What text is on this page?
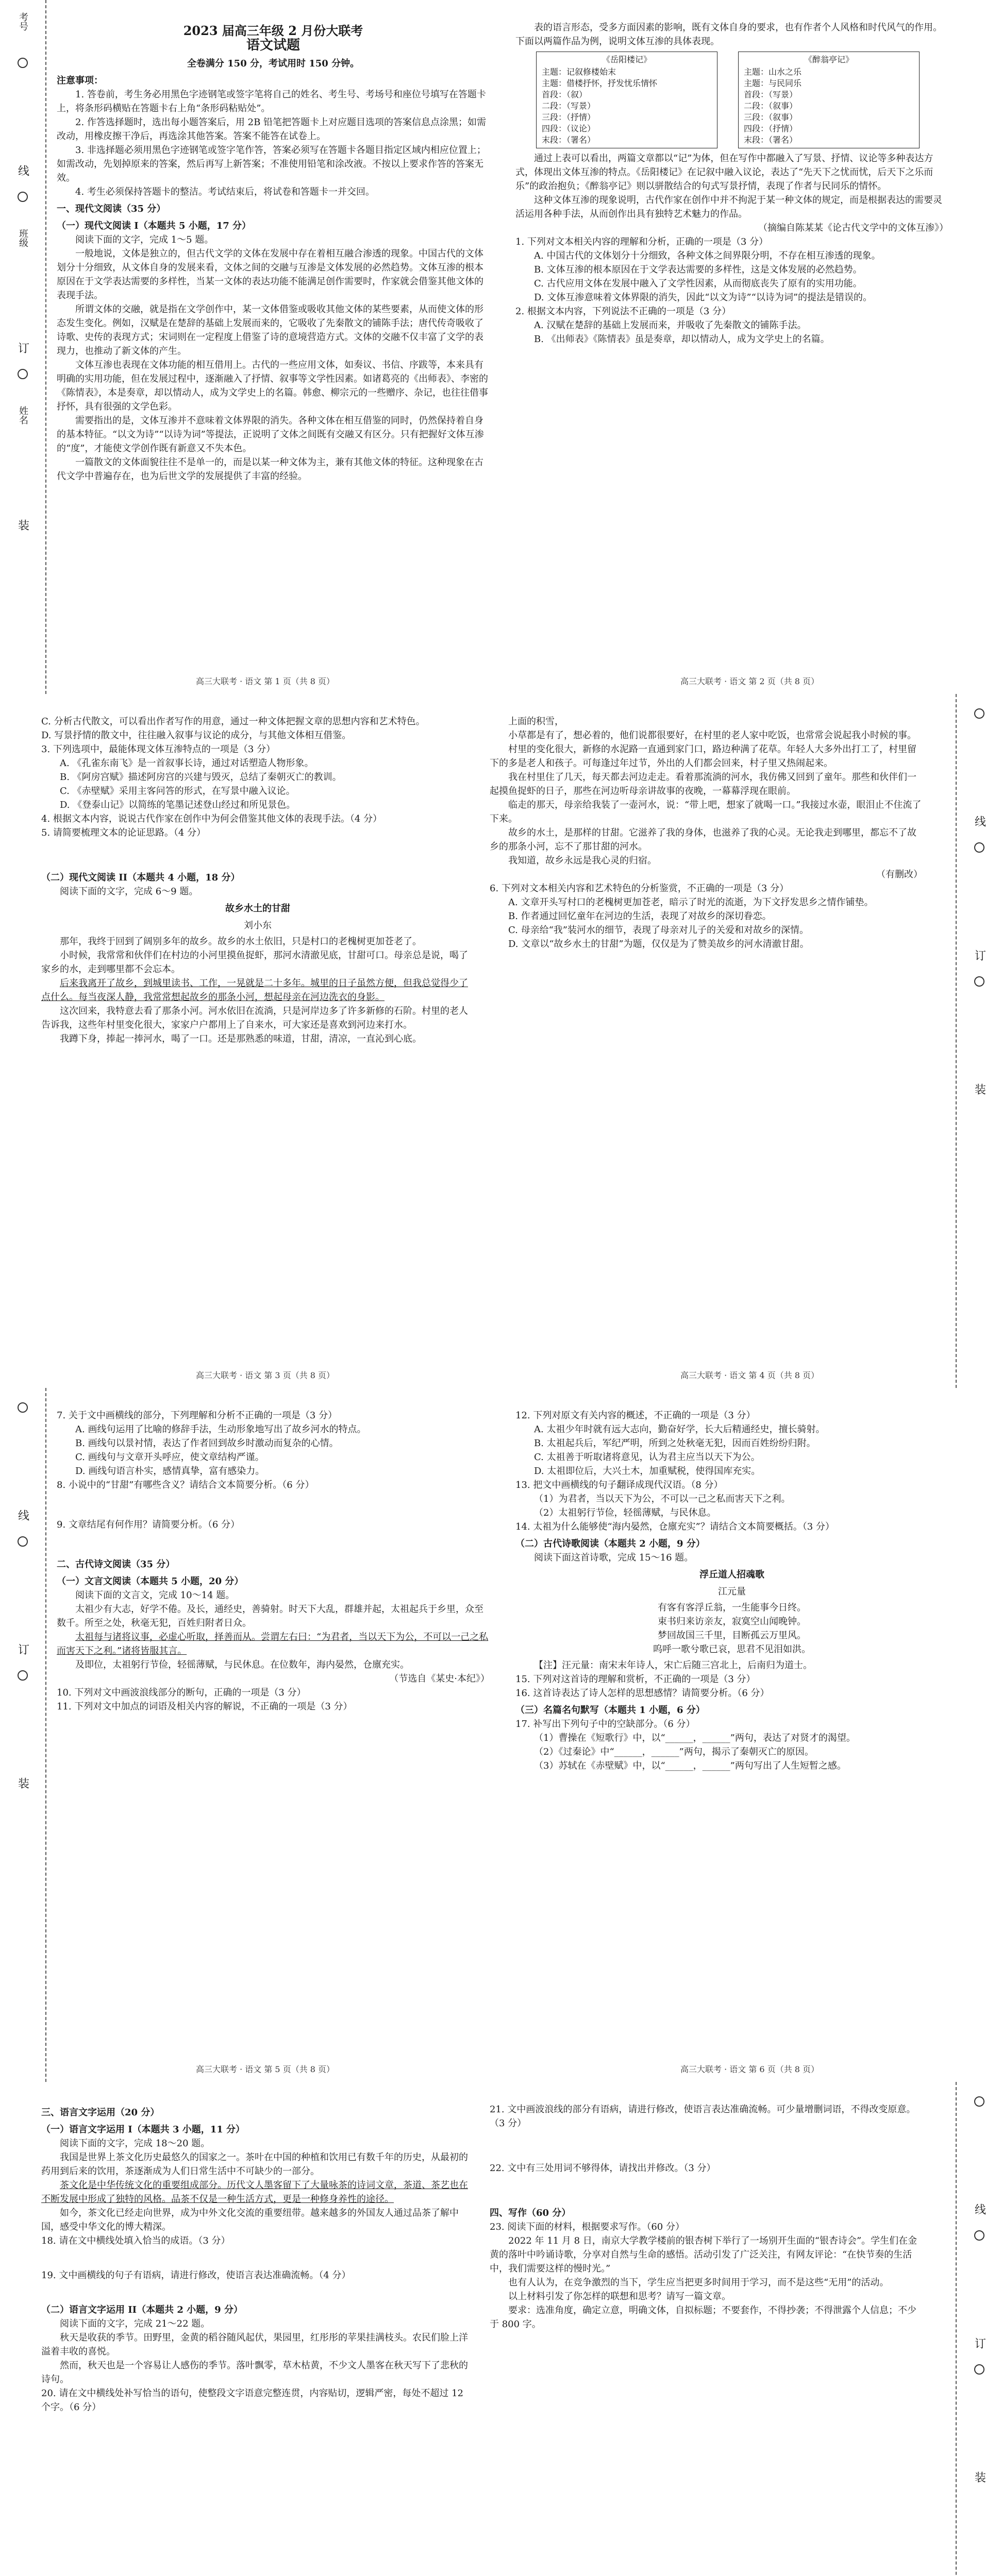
考号
线
班级
订
姓名
装
2023 届高三年级 2 月份大联考
语文试题
全卷满分 150 分，考试用时 150 分钟。
注意事项：

1. 答卷前，考生务必用黑色字迹钢笔或签字笔将自己的姓名、考生号、考场号和座位号填写在答题卡上，将条形码横贴在答题卡右上角“条形码粘贴处”。

2. 作答选择题时，选出每小题答案后，用 2B 铅笔把答题卡上对应题目选项的答案信息点涂黑；如需改动，用橡皮擦干净后，再选涂其他答案。答案不能答在试卷上。

3. 非选择题必须用黑色字迹钢笔或签字笔作答，答案必须写在答题卡各题目指定区域内相应位置上；如需改动，先划掉原来的答案，然后再写上新答案；不准使用铅笔和涂改液。不按以上要求作答的答案无效。

4. 考生必须保持答题卡的整洁。考试结束后，将试卷和答题卡一并交回。

一、现代文阅读（35 分）
（一）现代文阅读 I（本题共 5 小题，17 分）

阅读下面的文字，完成 1～5 题。

一般地说，文体是独立的，但古代文学的文体在发展中存在着相互融合渗透的现象。中国古代的文体划分十分细致，从文体自身的发展来看，文体之间的交融与互渗是文体发展的必然趋势。文体互渗的根本原因在于文学表达需要的多样性，当某一文体的表达功能不能满足创作需要时，作家就会借鉴其他文体的表现手法。

所谓文体的交融，就是指在文学创作中，某一文体借鉴或吸收其他文体的某些要素，从而使文体的形态发生变化。例如，汉赋是在楚辞的基础上发展而来的，它吸收了先秦散文的铺陈手法；唐代传奇吸收了诗歌、史传的表现方式；宋词则在一定程度上借鉴了诗的意境营造方式。文体的交融不仅丰富了文学的表现力，也推动了新文体的产生。

文体互渗也表现在文体功能的相互借用上。古代的一些应用文体，如奏议、书信、序跋等，本来具有明确的实用功能，但在发展过程中，逐渐融入了抒情、叙事等文学性因素。如诸葛亮的《出师表》、李密的《陈情表》，本是奏章，却以情动人，成为文学史上的名篇。韩愈、柳宗元的一些赠序、杂记，也往往借事抒怀，具有很强的文学色彩。

需要指出的是，文体互渗并不意味着文体界限的消失。各种文体在相互借鉴的同时，仍然保持着自身的基本特征。“以文为诗”“以诗为词”等提法，正说明了文体之间既有交融又有区分。只有把握好文体互渗的“度”，才能使文学创作既有新意又不失本色。

一篇散文的文体面貌往往不是单一的，而是以某一种文体为主，兼有其他文体的特征。这种现象在古代文学中普遍存在，也为后世文学的发展提供了丰富的经验。

表的语言形态，受多方面因素的影响，既有文体自身的要求，也有作者个人风格和时代风气的作用。下面以两篇作品为例，说明文体互渗的具体表现。

《岳阳楼记》
主题：记叙修楼始末
主题：借楼抒怀，抒发忧乐情怀
首段：（叙）
二段：（写景）
三段：（抒情）
四段：（议论）
末段：（署名）
《醉翁亭记》
主题：山水之乐
主题：与民同乐
首段：（写景）
二段：（叙事）
三段：（叙事）
四段：（抒情）
末段：（署名）

通过上表可以看出，两篇文章都以“记”为体，但在写作中都融入了写景、抒情、议论等多种表达方式，体现出文体互渗的特点。《岳阳楼记》在记叙中融入议论，表达了“先天下之忧而忧，后天下之乐而乐”的政治抱负；《醉翁亭记》则以骈散结合的句式写景抒情，表现了作者与民同乐的情怀。

这种文体互渗的现象说明，古代作家在创作中并不拘泥于某一种文体的规定，而是根据表达的需要灵活运用各种手法，从而创作出具有独特艺术魅力的作品。

（摘编自陈某某《论古代文学中的文体互渗》）

1. 下列对文本相关内容的理解和分析，正确的一项是（3 分）

A. 中国古代的文体划分十分细致，各种文体之间界限分明，不存在相互渗透的现象。

B. 文体互渗的根本原因在于文学表达需要的多样性，这是文体发展的必然趋势。

C. 古代应用文体在发展中融入了文学性因素，从而彻底丧失了原有的实用功能。

D. 文体互渗意味着文体界限的消失，因此“以文为诗”“以诗为词”的提法是错误的。

2. 根据文本内容，下列说法不正确的一项是（3 分）

A. 汉赋在楚辞的基础上发展而来，并吸收了先秦散文的铺陈手法。

B. 《出师表》《陈情表》虽是奏章，却以情动人，成为文学史上的名篇。

高三大联考 · 语文 第 1 页（共 8 页）	高三大联考 · 语文 第 2 页（共 8 页）
线
订
装

C. 分析古代散文，可以看出作者写作的用意，通过一种文体把握文章的思想内容和艺术特色。

D. 写景抒情的散文中，往往融入叙事与议论的成分，与其他文体相互借鉴。

3. 下列选项中，最能体现文体互渗特点的一项是（3 分）

A. 《孔雀东南飞》是一首叙事长诗，通过对话塑造人物形象。

B. 《阿房宫赋》描述阿房宫的兴建与毁灭，总结了秦朝灭亡的教训。

C. 《赤壁赋》采用主客问答的形式，在写景中融入议论。

D. 《登泰山记》以简练的笔墨记述登山经过和所见景色。

4. 根据文本内容，说说古代作家在创作中为何会借鉴其他文体的表现手法。（4 分）

5. 请简要梳理文本的论证思路。（4 分）

（二）现代文阅读 II（本题共 4 小题，18 分）

阅读下面的文字，完成 6～9 题。

故乡水土的甘甜
刘小东

那年，我终于回到了阔别多年的故乡。故乡的水土依旧，只是村口的老槐树更加苍老了。

小时候，我常常和伙伴们在村边的小河里摸鱼捉虾，那河水清澈见底，甘甜可口。母亲总是说，喝了家乡的水，走到哪里都不会忘本。

后来我离开了故乡，到城里读书、工作，一晃就是二十多年。城里的日子虽然方便，但我总觉得少了点什么。每当夜深人静，我常常想起故乡的那条小河，想起母亲在河边洗衣的身影。

这次回来，我特意去看了那条小河。河水依旧在流淌，只是河岸边多了许多新修的石阶。村里的老人告诉我，这些年村里变化很大，家家户户都用上了自来水，可大家还是喜欢到河边来打水。

我蹲下身，捧起一捧河水，喝了一口。还是那熟悉的味道，甘甜，清凉，一直沁到心底。

上面的积雪，

小草都是有了，想必着的，他们说都很要好，在村里的老人家中吃饭，也常常会说起我小时候的事。

村里的变化很大，新修的水泥路一直通到家门口，路边种满了花草。年轻人大多外出打工了，村里留下的多是老人和孩子。可每逢过年过节，外出的人们都会回来，村子里又热闹起来。

我在村里住了几天，每天都去河边走走。看着那流淌的河水，我仿佛又回到了童年。那些和伙伴们一起摸鱼捉虾的日子，那些在河边听母亲讲故事的夜晚，一幕幕浮现在眼前。

临走的那天，母亲给我装了一壶河水，说：“带上吧，想家了就喝一口。”我接过水壶，眼泪止不住流了下来。

故乡的水土，是那样的甘甜。它滋养了我的身体，也滋养了我的心灵。无论我走到哪里，都忘不了故乡的那条小河，忘不了那甘甜的河水。

我知道，故乡永远是我心灵的归宿。

（有删改）

6. 下列对文本相关内容和艺术特色的分析鉴赏，不正确的一项是（3 分）

A. 文章开头写村口的老槐树更加苍老，暗示了时光的流逝，为下文抒发思乡之情作铺垫。

B. 作者通过回忆童年在河边的生活，表现了对故乡的深切眷恋。

C. 母亲给“我”装河水的细节，表现了母亲对儿子的关爱和对故乡的深情。

D. 文章以“故乡水土的甘甜”为题，仅仅是为了赞美故乡的河水清澈甘甜。

高三大联考 · 语文 第 3 页（共 8 页）	高三大联考 · 语文 第 4 页（共 8 页）
线
订
装

7. 关于文中画横线的部分，下列理解和分析不正确的一项是（3 分）

A. 画线句运用了比喻的修辞手法，生动形象地写出了故乡河水的特点。

B. 画线句以景衬情，表达了作者回到故乡时激动而复杂的心情。

C. 画线句与文章开头呼应，使文章结构严谨。

D. 画线句语言朴实，感情真挚，富有感染力。

8. 小说中的“甘甜”有哪些含义？请结合文本简要分析。（6 分）

9. 文章结尾有何作用？请简要分析。（6 分）

二、古代诗文阅读（35 分）
（一）文言文阅读（本题共 5 小题，20 分）

阅读下面的文言文，完成 10～14 题。

太祖少有大志，好学不倦。及长，通经史，善骑射。时天下大乱，群雄并起，太祖起兵于乡里，众至数千。所至之处，秋毫无犯，百姓归附者日众。

太祖每与诸将议事，必虚心听取，择善而从。尝谓左右曰：“为君者，当以天下为公，不可以一己之私而害天下之利。”诸将皆服其言。

及即位，太祖躬行节俭，轻徭薄赋，与民休息。在位数年，海内晏然，仓廪充实。

（节选自《某史·本纪》）

10. 下列对文中画波浪线部分的断句，正确的一项是（3 分）

11. 下列对文中加点的词语及相关内容的解说，不正确的一项是（3 分）

12. 下列对原文有关内容的概述，不正确的一项是（3 分）

A. 太祖少年时就有远大志向，勤奋好学，长大后精通经史，擅长骑射。

B. 太祖起兵后，军纪严明，所到之处秋毫无犯，因而百姓纷纷归附。

C. 太祖善于听取诸将意见，认为君主应当以天下为公。

D. 太祖即位后，大兴土木，加重赋税，使得国库充实。

13. 把文中画横线的句子翻译成现代汉语。（8 分）

（1）为君者，当以天下为公，不可以一己之私而害天下之利。

（2）太祖躬行节俭，轻徭薄赋，与民休息。

14. 太祖为什么能够使“海内晏然，仓廪充实”？请结合文本简要概括。（3 分）

（二）古代诗歌阅读（本题共 2 小题，9 分）

阅读下面这首诗歌，完成 15～16 题。

浮丘道人招魂歌
江元量
有客有客浮丘翁，一生能事今日终。
束书归来访亲友，寂寞空山闻晚钟。
梦回故国三千里，目断孤云万里风。
呜呼一歌兮歌已哀，思君不见泪如洪。

【注】汪元量：南宋末年诗人，宋亡后随三宫北上，后南归为道士。

15. 下列对这首诗的理解和赏析，不正确的一项是（3 分）

16. 这首诗表达了诗人怎样的思想感情？请简要分析。（6 分）

（三）名篇名句默写（本题共 1 小题，6 分）

17. 补写出下列句子中的空缺部分。（6 分）

（1）曹操在《短歌行》中，以“______，______”两句，表达了对贤才的渴望。

（2）《过秦论》中“______，______”两句，揭示了秦朝灭亡的原因。

（3）苏轼在《赤壁赋》中，以“______，______”两句写出了人生短暂之感。

高三大联考 · 语文 第 5 页（共 8 页）	高三大联考 · 语文 第 6 页（共 8 页）
线
订
装
三、语言文字运用（20 分）
（一）语言文字运用 I（本题共 3 小题，11 分）

阅读下面的文字，完成 18～20 题。

我国是世界上茶文化历史最悠久的国家之一。茶叶在中国的种植和饮用已有数千年的历史，从最初的药用到后来的饮用，茶逐渐成为人们日常生活中不可缺少的一部分。

茶文化是中华传统文化的重要组成部分。历代文人墨客留下了大量咏茶的诗词文章，茶道、茶艺也在不断发展中形成了独特的风格。品茶不仅是一种生活方式，更是一种修身养性的途径。

如今，茶文化已经走向世界，成为中外文化交流的重要纽带。越来越多的外国友人通过品茶了解中国，感受中华文化的博大精深。

18. 请在文中横线处填入恰当的成语。（3 分）

19. 文中画横线的句子有语病，请进行修改，使语言表达准确流畅。（4 分）

（二）语言文字运用 II（本题共 2 小题，9 分）

阅读下面的文字，完成 21～22 题。

秋天是收获的季节。田野里，金黄的稻谷随风起伏，果园里，红彤彤的苹果挂满枝头。农民们脸上洋溢着丰收的喜悦。

然而，秋天也是一个容易让人感伤的季节。落叶飘零，草木枯黄，不少文人墨客在秋天写下了悲秋的诗句。

20. 请在文中横线处补写恰当的语句，使整段文字语意完整连贯，内容贴切，逻辑严密，每处不超过 12 个字。（6 分）

21. 文中画波浪线的部分有语病，请进行修改，使语言表达准确流畅。可少量增删词语，不得改变原意。（3 分）

22. 文中有三处用词不够得体，请找出并修改。（3 分）

四、写作（60 分）

23. 阅读下面的材料，根据要求写作。（60 分）

2022 年 11 月 8 日，南京大学教学楼前的银杏树下举行了一场别开生面的“银杏诗会”。学生们在金黄的落叶中吟诵诗歌，分享对自然与生命的感悟。活动引发了广泛关注，有网友评论：“在快节奏的生活中，我们需要这样的慢时光。”

也有人认为，在竞争激烈的当下，学生应当把更多时间用于学习，而不是这些“无用”的活动。

以上材料引发了你怎样的联想和思考？请写一篇文章。

要求：选准角度，确定立意，明确文体，自拟标题；不要套作，不得抄袭；不得泄露个人信息；不少于 800 字。
